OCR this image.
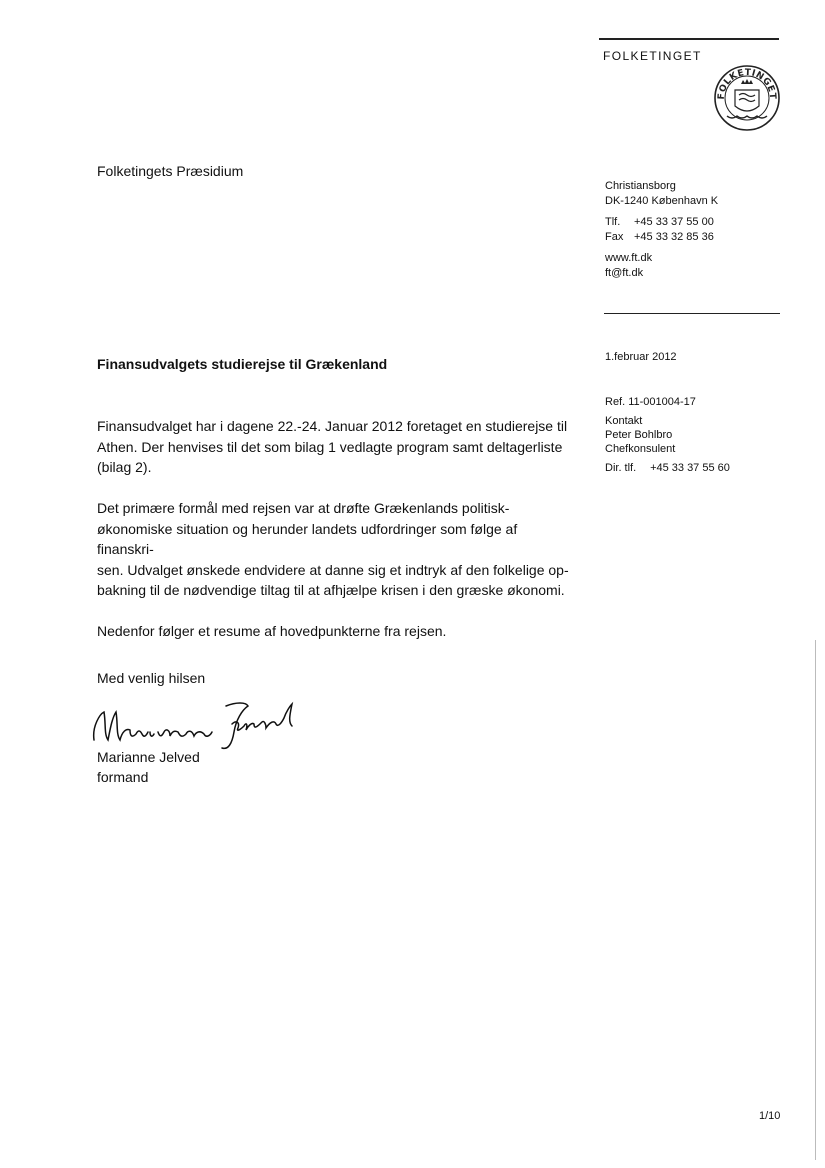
FOLKETINGET
FOLKETINGET
Folketingets Præsidium
Christiansborg
DK-1240 København K
Tlf. +45 33 37 55 00
Fax +45 33 32 85 36
www.ft.dk
ft@ft.dk
1.februar 2012
Ref. 11-001004-17
Kontakt
Peter Bohlbro
Chefkonsulent
Dir. tlf. +45 33 37 55 60
Finansudvalgets studierejse til Grækenland

Finansudvalget har i dagene 22.-24. Januar 2012 foretaget en studierejse til
Athen. Der henvises til det som bilag 1 vedlagte program samt deltagerliste
(bilag 2).

Det primære formål med rejsen var at drøfte Grækenlands politisk-
økonomiske situation og herunder landets udfordringer som følge af finanskri-
sen. Udvalget ønskede endvidere at danne sig et indtryk af den folkelige op-
bakning til de nødvendige tiltag til at afhjælpe krisen i den græske økonomi.

Nedenfor følger et resume af hovedpunkterne fra rejsen.

Med venlig hilsen
Marianne Jelved
Marianne Jelved
formand
1/10
